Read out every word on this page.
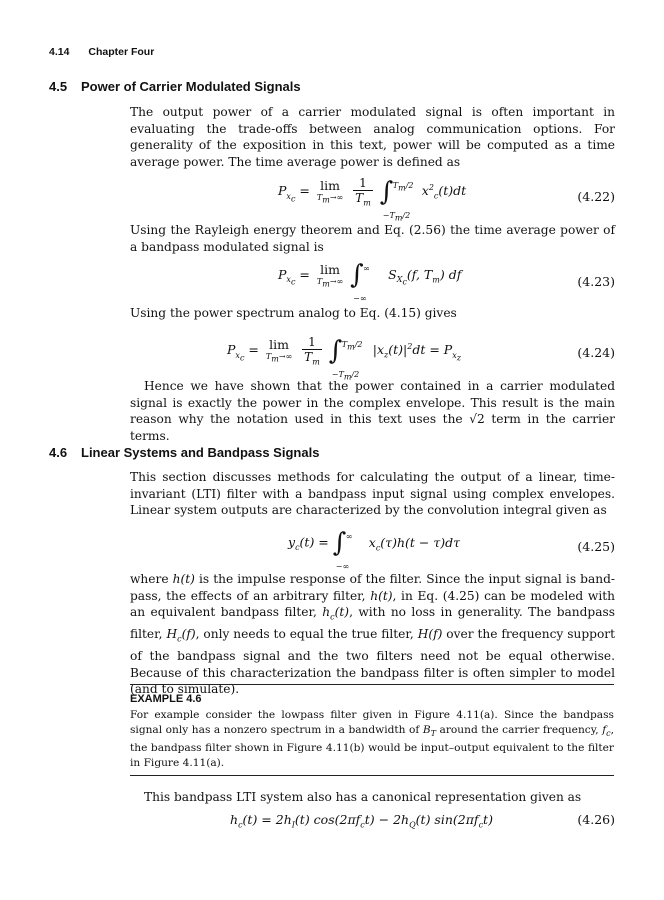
4.14 Chapter Four
4.5 Power of Carrier Modulated Signals
The output power of a carrier modulated signal is often important in evaluating the trade-offs between analog communication options. For generality of the exposition in this text, power will be computed as a time average power. The time average power is defined as
$P_{x_c} = \lim$
$T_m\to\infty$
$\frac{1}{T_m}$ ∫ $T_m/2$
$-T_m/2$
$x^2_c(t)dt$	(4.22)
Using the Rayleigh energy theorem and Eq. (2.56) the time average power of a bandpass modulated signal is
$P_{x_c} = \lim$
$T_m\to\infty$ ∫ ∞
−∞
$S_{X_c}(f$, $T_m$) df	(4.23)
Using the power spectrum analog to Eq. (4.15) gives
$P_{x_c} = \lim$
$T_m\to\infty$
$\frac{1}{T_m}$ ∫ $T_m/2$
$-T_m/2$
$|x_z(t)|^2dt = P_{x_z}$	(4.24)
Hence we have shown that the power contained in a carrier modulated signal is exactly the power in the complex envelope. This result is the main reason why the notation used in this text uses the √2 term in the carrier terms.
4.6 Linear Systems and Bandpass Signals
This section discusses methods for calculating the output of a linear, time-invariant (LTI) filter with a bandpass input signal using complex envelopes. Linear system outputs are characterized by the convolution integral given as
$y_c(t)$ = ∫ ∞
−∞
$x_c(\tau)h(t - \tau)d\tau$	(4.25)
where h(t) is the impulse response of the filter. Since the input signal is band-pass, the effects of an arbitrary filter, h(t), in Eq. (4.25) can be modeled with an equivalent bandpass filter, $h_c(t)$, with no loss in generality. The bandpass filter, $H_c(f)$, only needs to equal the true filter, H(f) over the frequency support of the bandpass signal and the two filters need not be equal otherwise. Because of this characterization the bandpass filter is often simpler to model (and to simulate).
EXAMPLE 4.6
For example consider the lowpass filter given in Figure 4.11(a). Since the bandpass signal only has a nonzero spectrum in a bandwidth of $B_T$ around the carrier frequency, $f_c$, the bandpass filter shown in Figure 4.11(b) would be input–output equivalent to the filter in Figure 4.11(a).
This bandpass LTI system also has a canonical representation given as
$h_c(t) = 2h_I(t) \cos(2\pi f_ct) - 2h_Q(t)$ $\sin(2\pi f_ct)$	(4.26)
